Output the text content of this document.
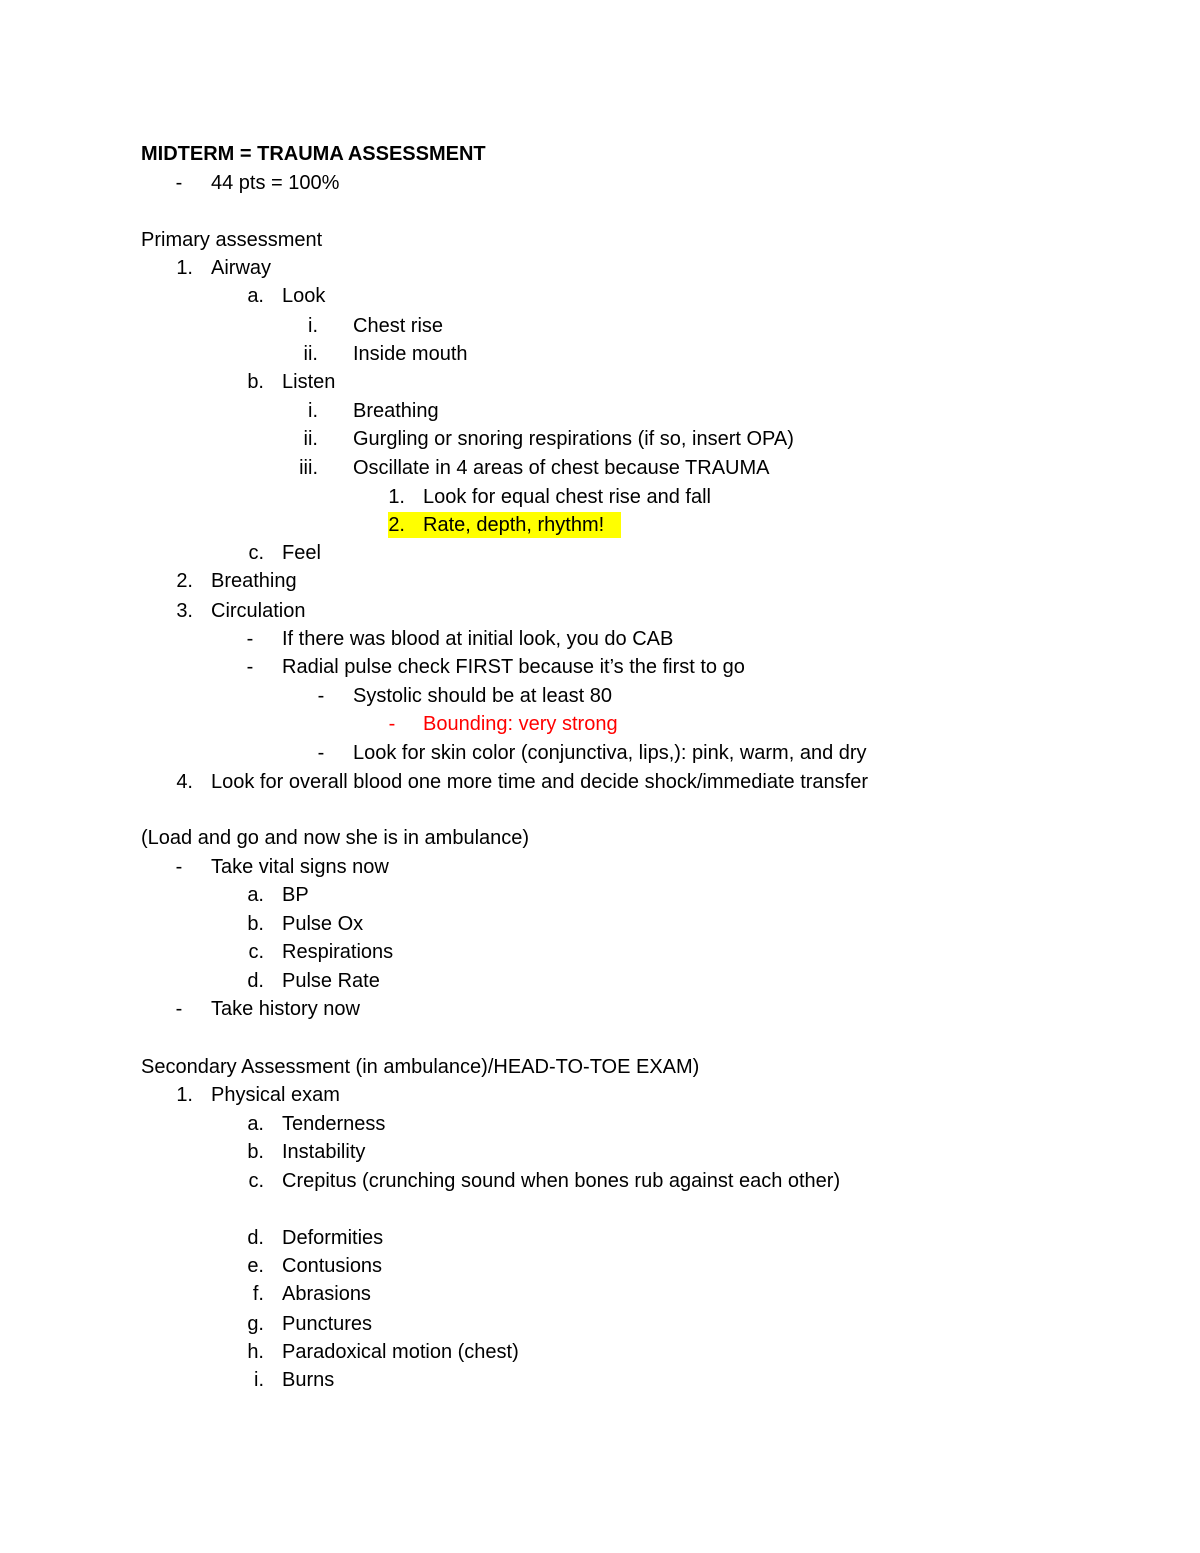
MIDTERM = TRAUMA ASSESSMENT
-	44 pts = 100%
Primary assessment
1. Airway
a. Look
i. Chest rise
ii. Inside mouth
b. Listen
i. Breathing
ii. Gurgling or snoring respirations (if so, insert OPA)
iii. Oscillate in 4 areas of chest because TRAUMA
1. Look for equal chest rise and fall
2. Rate, depth, rhythm!
c. Feel
2. Breathing
3. Circulation
-	If there was blood at initial look, you do CAB
-	Radial pulse check FIRST because it’s the first to go
-	Systolic should be at least 80
-	Bounding: very strong
-	Look for skin color (conjunctiva, lips,): pink, warm, and dry
4. Look for overall blood one more time and decide shock/immediate transfer
(Load and go and now she is in ambulance)
-	Take vital signs now
a. BP
b. Pulse Ox
c. Respirations
d. Pulse Rate
-	Take history now
Secondary Assessment (in ambulance)/HEAD-TO-TOE EXAM)
1. Physical exam
a. Tenderness
b. Instability
c. Crepitus (crunching sound when bones rub against each other)
d. Deformities
e. Contusions
f. Abrasions
g. Punctures
h. Paradoxical motion (chest)
i. Burns
